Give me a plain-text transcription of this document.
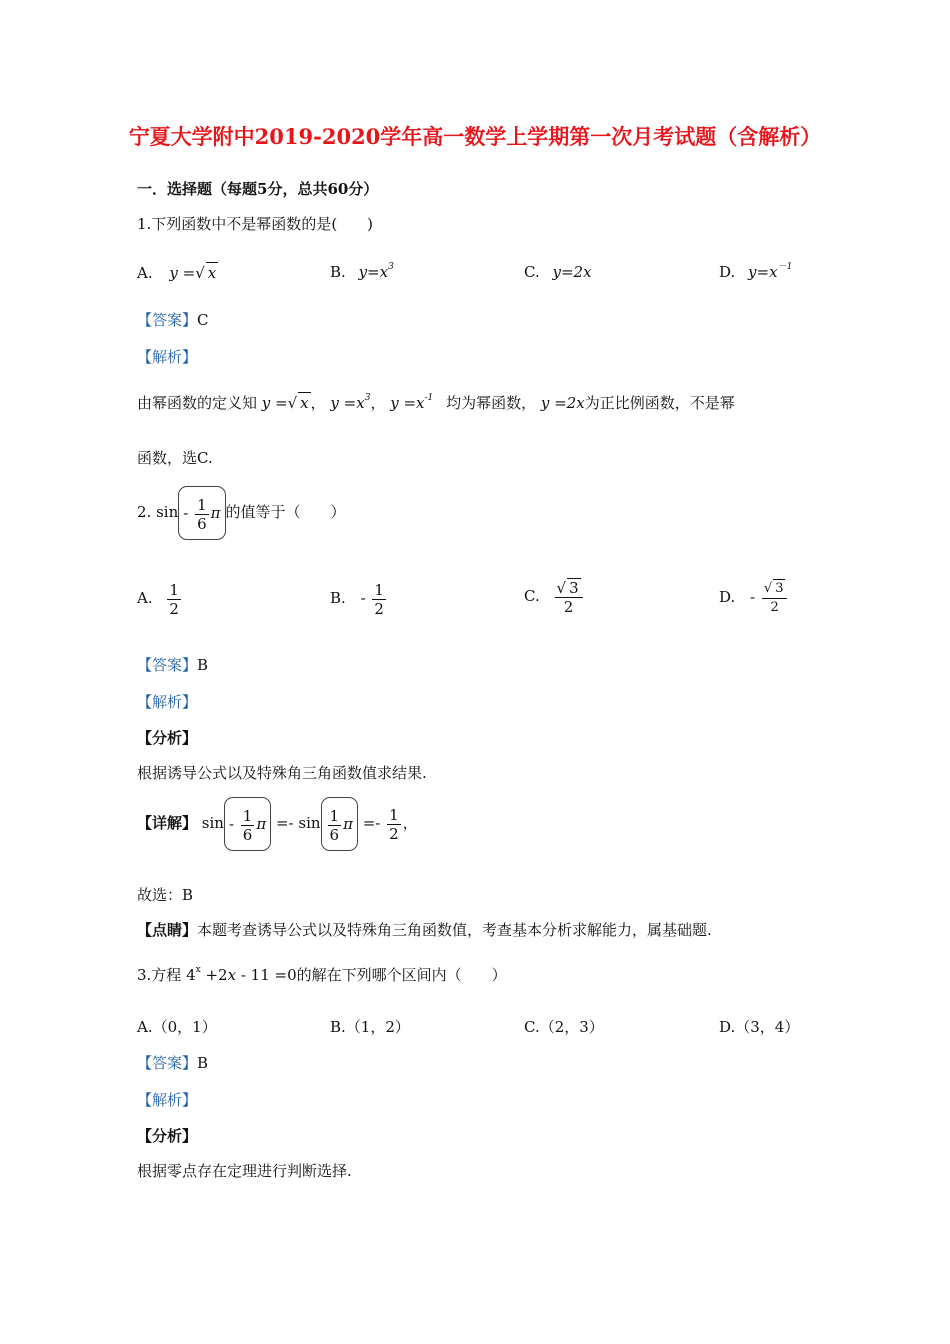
宁夏大学附中2019-2020学年高一数学上学期第一次月考试题（含解析）
一．选择题（每题5分，总共60分）
1.下列函数中不是幂函数的是(　　)
A. y =√ x	B. $y=x^3$	C. y=2x	D. $y=x^{-1}$
【答案】C
【解析】
由幂函数的定义知 y =√ x ， $y =x^3$， $y =x^{-1}$ 均为幂函数， y =2x为正比例函数，不是幂
函数，选C.
2. sin - $\frac{1}{6}$ π 的值等于（　　）
A. $\frac{1}{2}$	B. - $\frac{1}{2}$	C. $\frac{√ 3}{2}$	D. - $\frac{√ 3}{2}$
【答案】B
【解析】
【分析】
根据诱导公式以及特殊角三角函数值求结果.
【详解】 sin - $\frac{1}{6}$ $\pi =- \sin \frac{1}{6}$ $\pi =- \frac{1}{2}$ ，
故选：B
【点睛】本题考查诱导公式以及特殊角三角函数值，考查基本分析求解能力，属基础题.
3.方程 $4^x +2x - 11 =0$的解在下列哪个区间内（　　）
A.（0，1）	B.（1，2）	C.（2，3）	D.（3，4）
【答案】B
【解析】
【分析】
根据零点存在定理进行判断选择.
